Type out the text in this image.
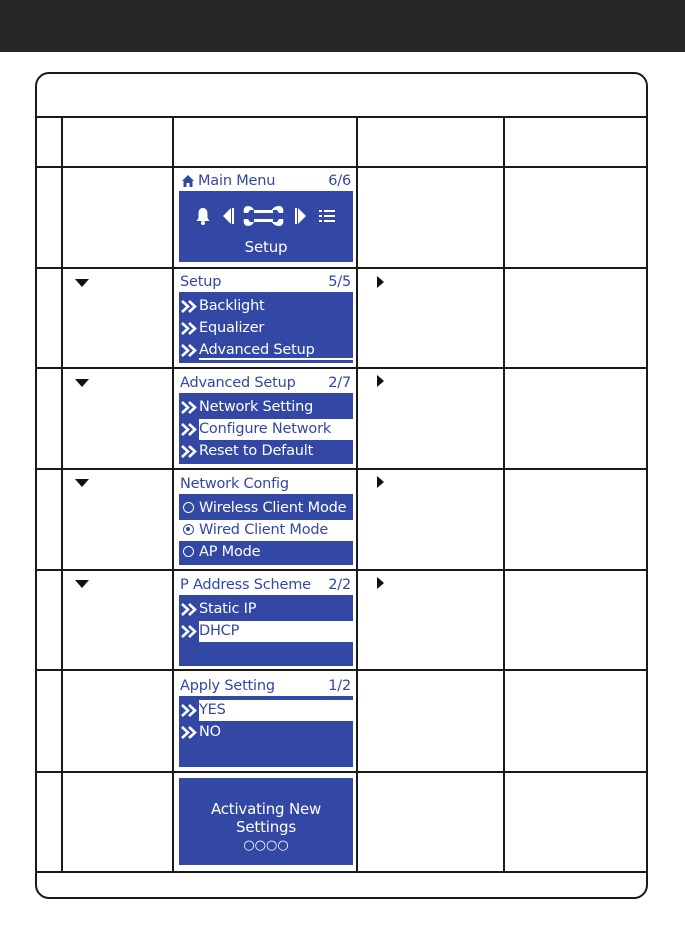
Main Menu	6/6
Setup
Setup	5/5
Backlight
Equalizer
Advanced Setup
Advanced Setup 2/7
Network Setting
Configure Network
Reset to Default
Network Config
Wireless Client Mode
Wired Client Mode
AP Mode
P Address Scheme 2/2
Static IP
DHCP
Apply Setting	1/2
YES
NO
Activating New Settings
○○○○
